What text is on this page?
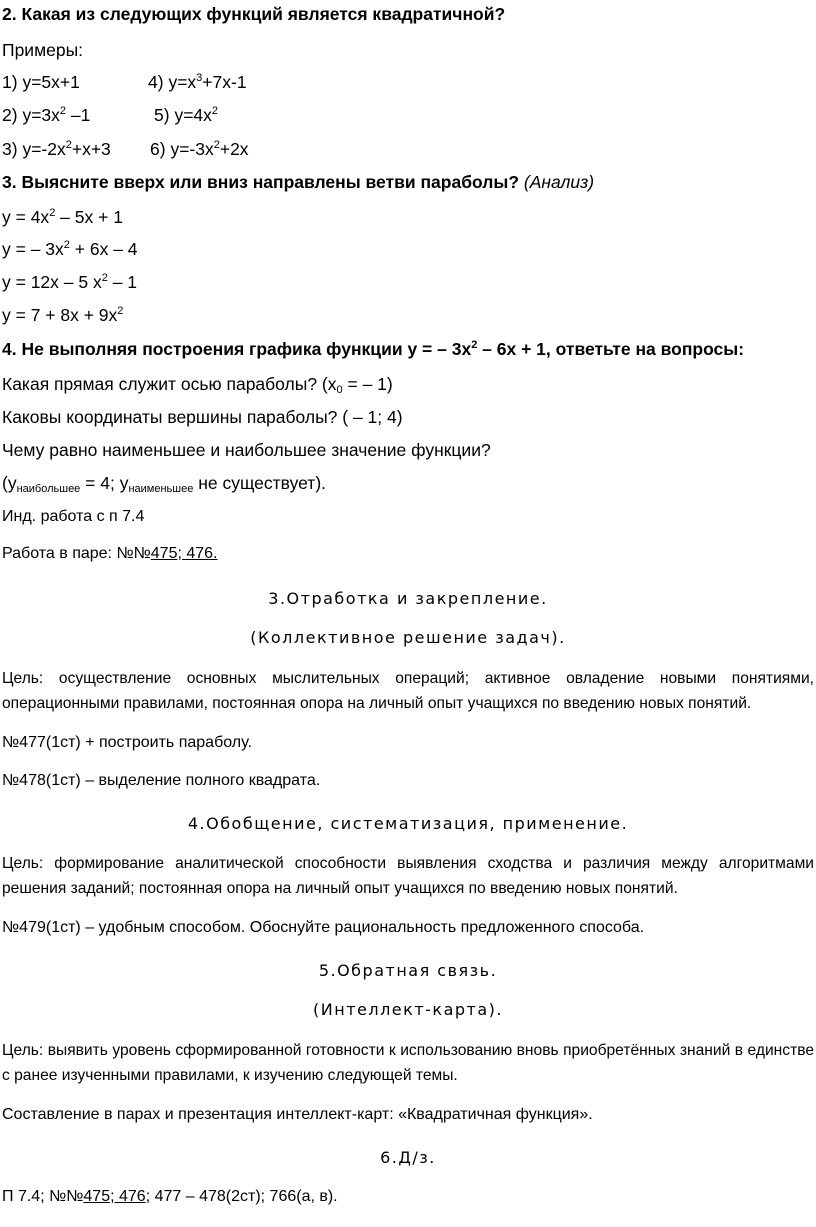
2. Какая из следующих функций является квадратичной?
Примеры:
1) y=5x+1	4) $y=x^3+7x-1$
2) $y=3x^2$ –1	5) $y=4x^2$
3) $y=-2x^2+x+3$ 6) $y=-3x^2+2x$
3. Выясните вверх или вниз направлены ветви параболы? (Анализ)
$y = 4x^2 - 5x + 1$
y = – $3x^2 + 6x - 4$
y = 12x – 5 $x^2 - 1$
$y = 7 + 8x + 9x^2$
4. Не выполняя построения графика функции y = – $3x^2 - 6x + 1$, ответьте на вопросы:
Какая прямая служит осью параболы? ($x_0$ = – 1)
Каковы координаты вершины параболы? ( – 1; 4)
Чему равно наименьшее и наибольшее значение функции?
($y_{наибольшее} = 4$; $y_{наименьшее}$ не существует).
Инд. работа с п 7.4
Работа в паре: №№475; 476.
3.Отработка и закрепление.
(Коллективное решение задач).
Цель: осуществление основных мыслительных операций; активное овладение новыми понятиями, операционными правилами, постоянная опора на личный опыт учащихся по введению новых понятий.
№477(1ст) + построить параболу.
№478(1ст) – выделение полного квадрата.
4.Обобщение, систематизация, применение.
Цель: формирование аналитической способности выявления сходства и различия между алгоритмами решения заданий; постоянная опора на личный опыт учащихся по введению новых понятий.
№479(1ст) – удобным способом. Обоснуйте рациональность предложенного способа.
5.Обратная связь.
(Интеллект-карта).
Цель: выявить уровень сформированной готовности к использованию вновь приобретённых знаний в единстве с ранее изученными правилами, к изучению следующей темы.
Составление в парах и презентация интеллект-карт: «Квадратичная функция».
6.Д/з.
П 7.4; №№475; 476; 477 – 478(2ст); 766(а, в).
